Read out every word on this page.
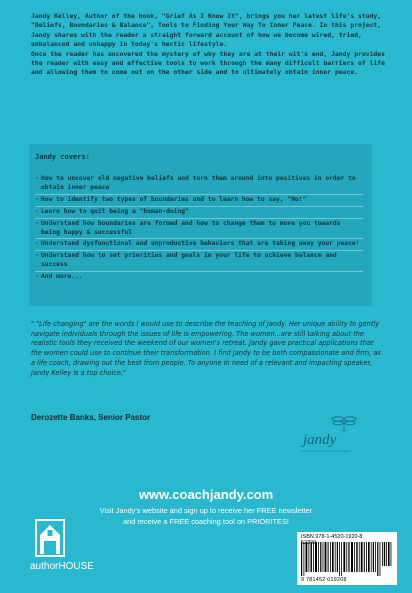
Jandy Kelley, Author of the book, "Grief As I Know It", brings you her latest life's study, "Beliefs, Boundaries & Balance", Tools to Finding Your Way To Inner Peace. In this project, Jandy shares with the reader a straight forward account of how we become wired, tried, unbalanced and unhappy in today's hectic lifestyle.

Once the reader has uncovered the mystery of why they are at their wit's end, Jandy provides the reader with easy and effective tools to work through the many difficult barriers of life and allowing them to come out on the other side and to ultimately obtain inner peace.

Jandy covers:
· How to uncover old negative beliefs and turn them around into positives in order to obtain inner peace
· How to identify two types of boundaries and to learn how to say, "No!"
· Learn how to quit being a "human-doing"
· Understand how boundaries are formed and how to change them to move you towards being happy & successful
· Understand dysfunctional and unproductive behaviors that are taking away your peace!
· Understand how to set priorities and goals in your life to achieve balance and success
· And more...
" "Life changing" are the words I would use to describe the teaching of Jandy. Her unique ability to gently navigate individuals through the issues of life is empowering. The women...are still talking about the realistic tools they received the weekend of our women's retreat. Jandy gave practical applications that the women could use to continue their transformation. I find Jandy to be both compassionate and firm, as a life coach, drawing out the best from people. To anyone in need of a relevant and impacting speaker, Jandy Kelley is a top choice."
Derozette Banks, Senior Pastor
jandy
Life Coach & Inspirational Speaker
www.coachjandy.com
Visit Jandy's website and sign up to receive her FREE newsletter
and receive a FREE coaching tool on PRIORITES!
authorHOUSE
ISBN 978-1-4520-1920-8
9 781452 019208
